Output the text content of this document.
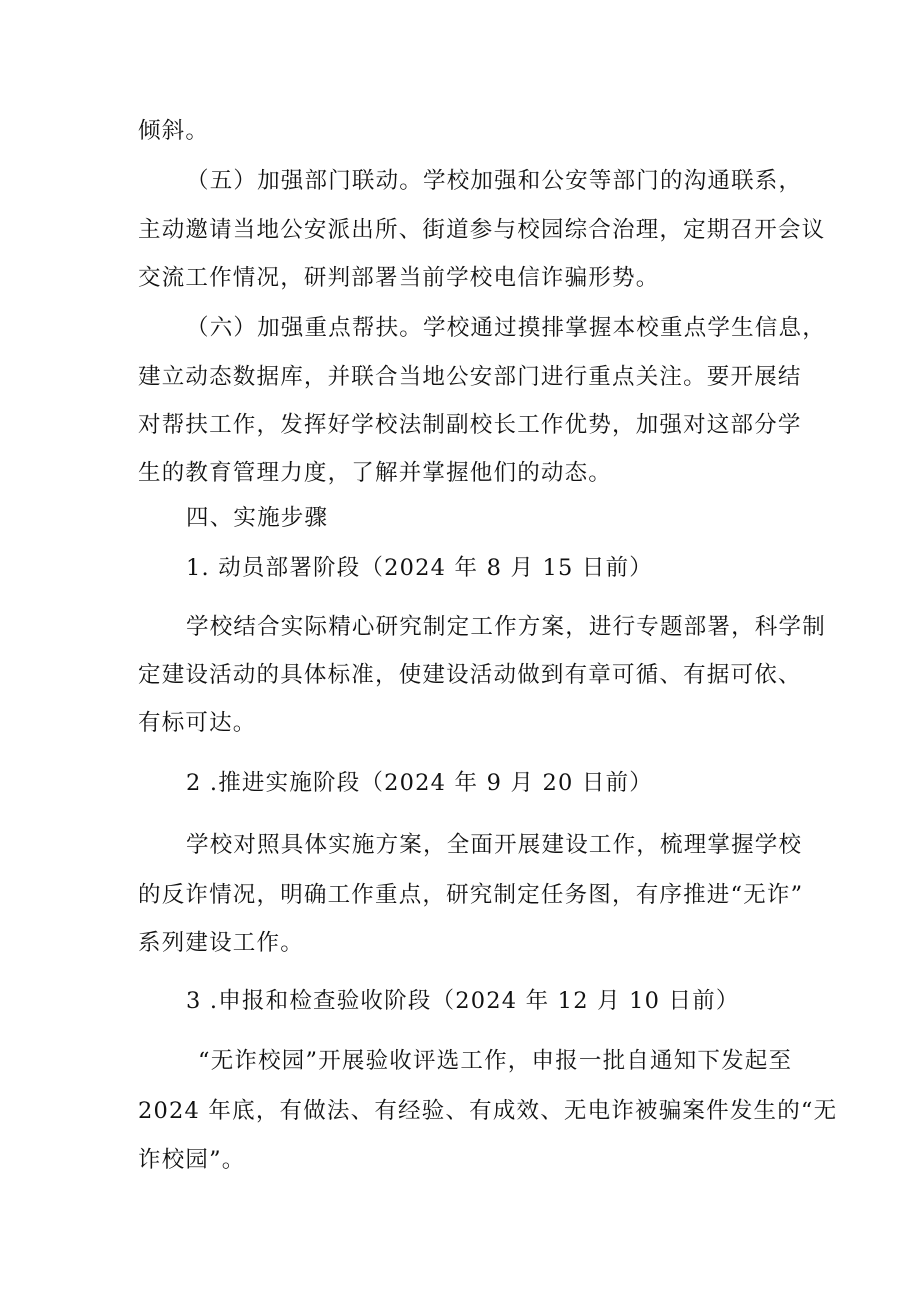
倾斜。
（五）加强部门联动。学校加强和公安等部门的沟通联系，
主动邀请当地公安派出所、街道参与校园综合治理，定期召开会议
交流工作情况，研判部署当前学校电信诈骗形势。
（六）加强重点帮扶。学校通过摸排掌握本校重点学生信息，
建立动态数据库，并联合当地公安部门进行重点关注。要开展结
对帮扶工作，发挥好学校法制副校长工作优势，加强对这部分学
生的教育管理力度，了解并掌握他们的动态。
四、实施步骤
1. 动员部署阶段（2024 年 8 月 15 日前）
学校结合实际精心研究制定工作方案，进行专题部署，科学制
定建设活动的具体标准，使建设活动做到有章可循、有据可依、
有标可达。
2 .推进实施阶段（2024 年 9 月 20 日前）
学校对照具体实施方案，全面开展建设工作，梳理掌握学校
的反诈情况，明确工作重点，研究制定任务图，有序推进“无诈”
系列建设工作。
3 .申报和检查验收阶段（2024 年 12 月 10 日前）
“无诈校园”开展验收评选工作，申报一批自通知下发起至
2024 年底，有做法、有经验、有成效、无电诈被骗案件发生的“无
诈校园”。
